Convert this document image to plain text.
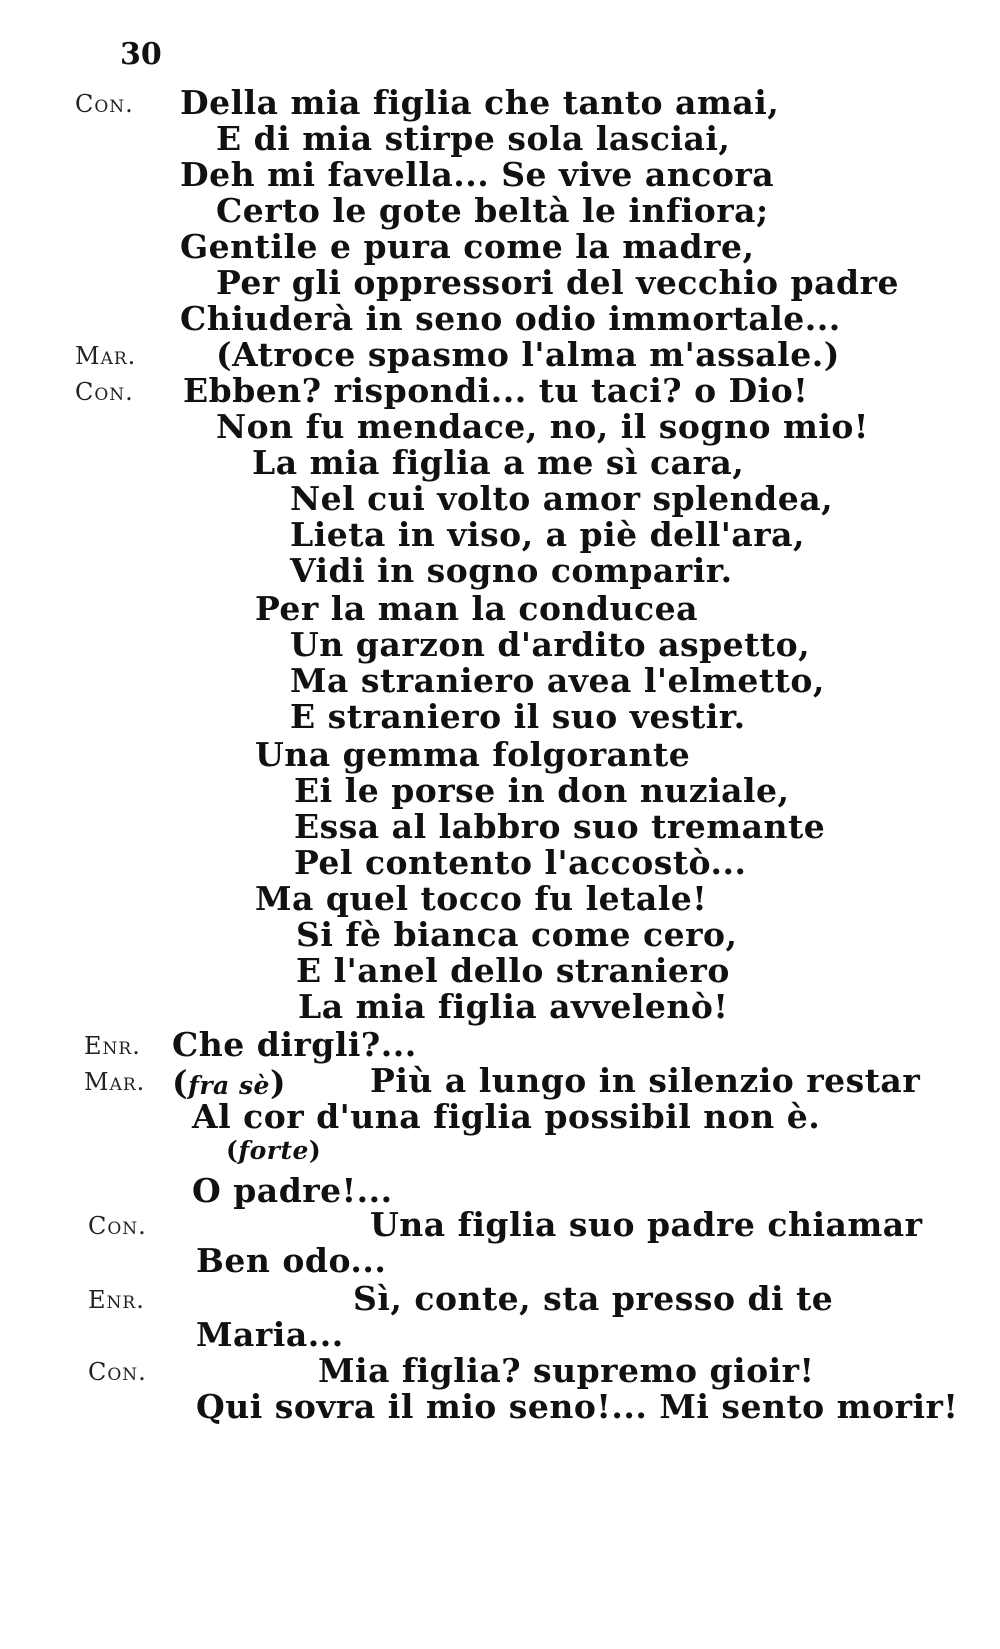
30
Con. Della mia figlia che tanto amai,
E di mia stirpe sola lasciai,
Deh mi favella... Se vive ancora
Certo le gote beltà le infiora;
Gentile e pura come la madre,
Per gli oppressori del vecchio padre
Chiuderà in seno odio immortale...
Mar. (Atroce spasmo l'alma m'assale.)
Con. Ebben? rispondi... tu taci? o Dio!
Non fu mendace, no, il sogno mio!
La mia figlia a me sì cara,
Nel cui volto amor splendea,
Lieta in viso, a piè dell'ara,
Vidi in sogno comparir.
Per la man la conducea
Un garzon d'ardito aspetto,
Ma straniero avea l'elmetto,
E straniero il suo vestir.
Una gemma folgorante
Ei le porse in don nuziale,
Essa al labbro suo tremante
Pel contento l'accostò...
Ma quel tocco fu letale!
Si fè bianca come cero,
E l'anel dello straniero
La mia figlia avvelenò!
Enr. Che dirgli?...
Mar. (fra sè)	Più a lungo in silenzio restar
Al cor d'una figlia possibil non è.
(forte)
O padre!...
Con.	Una figlia suo padre chiamar
Ben odo...
Enr.	Sì, conte, sta presso di te
Maria...
Con.	Mia figlia? supremo gioir!
Qui sovra il mio seno!... Mi sento morir!
